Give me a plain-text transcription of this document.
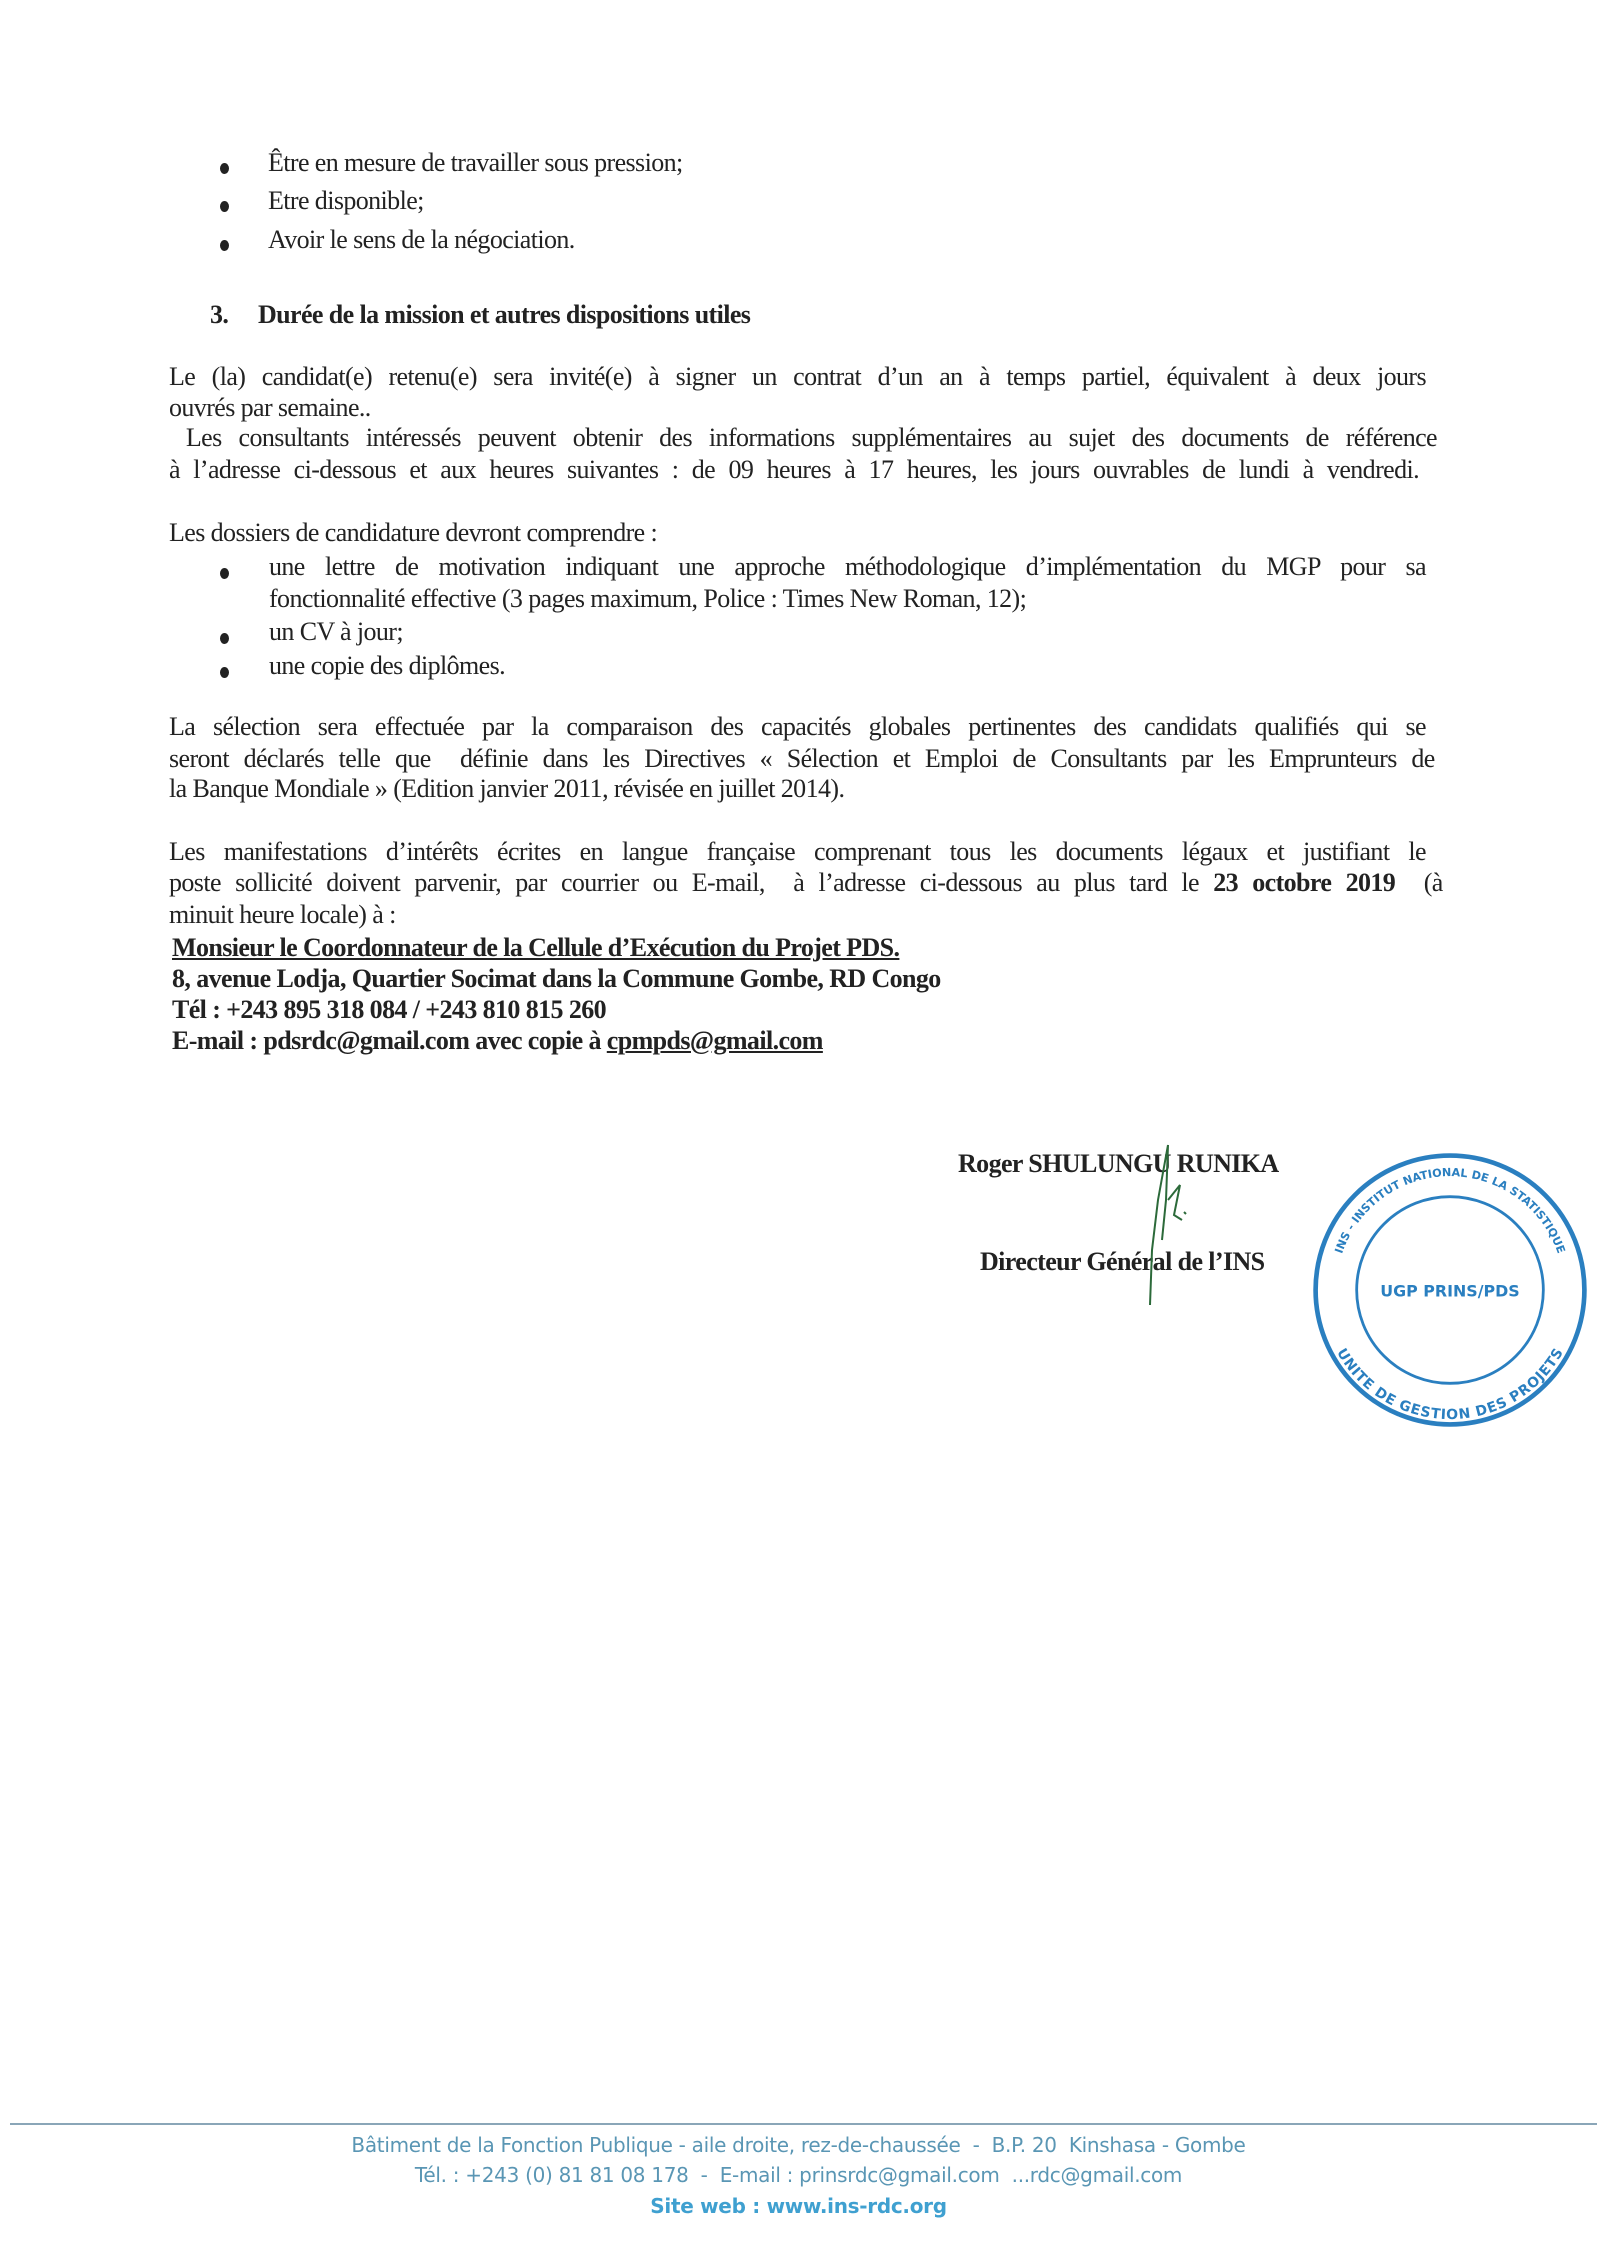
Être en mesure de travailler sous pression;
Etre disponible;
Avoir le sens de la négociation.
3. Durée de la mission et autres dispositions utiles
Le (la) candidat(e) retenu(e) sera invité(e) à signer un contrat d’un an à temps partiel, équivalent à deux jours
ouvrés par semaine..
Les consultants intéressés peuvent obtenir des informations supplémentaires au sujet des documents de référence
à l’adresse ci-dessous et aux heures suivantes : de 09 heures à 17 heures, les jours ouvrables de lundi à vendredi.
Les dossiers de candidature devront comprendre :
une lettre de motivation indiquant une approche méthodologique d’implémentation du MGP pour sa
fonctionnalité effective (3 pages maximum, Police : Times New Roman, 12);
un CV à jour;
une copie des diplômes.
La sélection sera effectuée par la comparaison des capacités globales pertinentes des candidats qualifiés qui se
seront déclarés telle que  définie dans les Directives « Sélection et Emploi de Consultants par les Emprunteurs de
la Banque Mondiale » (Edition janvier 2011, révisée en juillet 2014).
Les manifestations d’intérêts écrites en langue française comprenant tous les documents légaux et justifiant le
poste sollicité doivent parvenir, par courrier ou E-mail,  à l’adresse ci-dessous au plus tard le 23 octobre 2019  (à
minuit heure locale) à :
Monsieur le Coordonnateur de la Cellule d’Exécution du Projet PDS.
8, avenue Lodja, Quartier Socimat dans la Commune Gombe, RD Congo
Tél : +243 895 318 084 / +243 810 815 260
E-mail : pdsrdc@gmail.com avec copie à cpmpds@gmail.com
Roger SHULUNGU RUNIKA
Directeur Général de l’INS	INS - INSTITUT NATIONAL DE LA STATISTIQUE
UNITE DE GESTION DES PROJETS
UGP PRINS/PDS
Bâtiment de la Fonction Publique - aile droite, rez-de-chaussée  -  B.P. 20  Kinshasa - Gombe
Tél. : +243 (0) 81 81 08 178  -  E-mail : prinsrdc@gmail.com  ...rdc@gmail.com
Site web : www.ins-rdc.org
